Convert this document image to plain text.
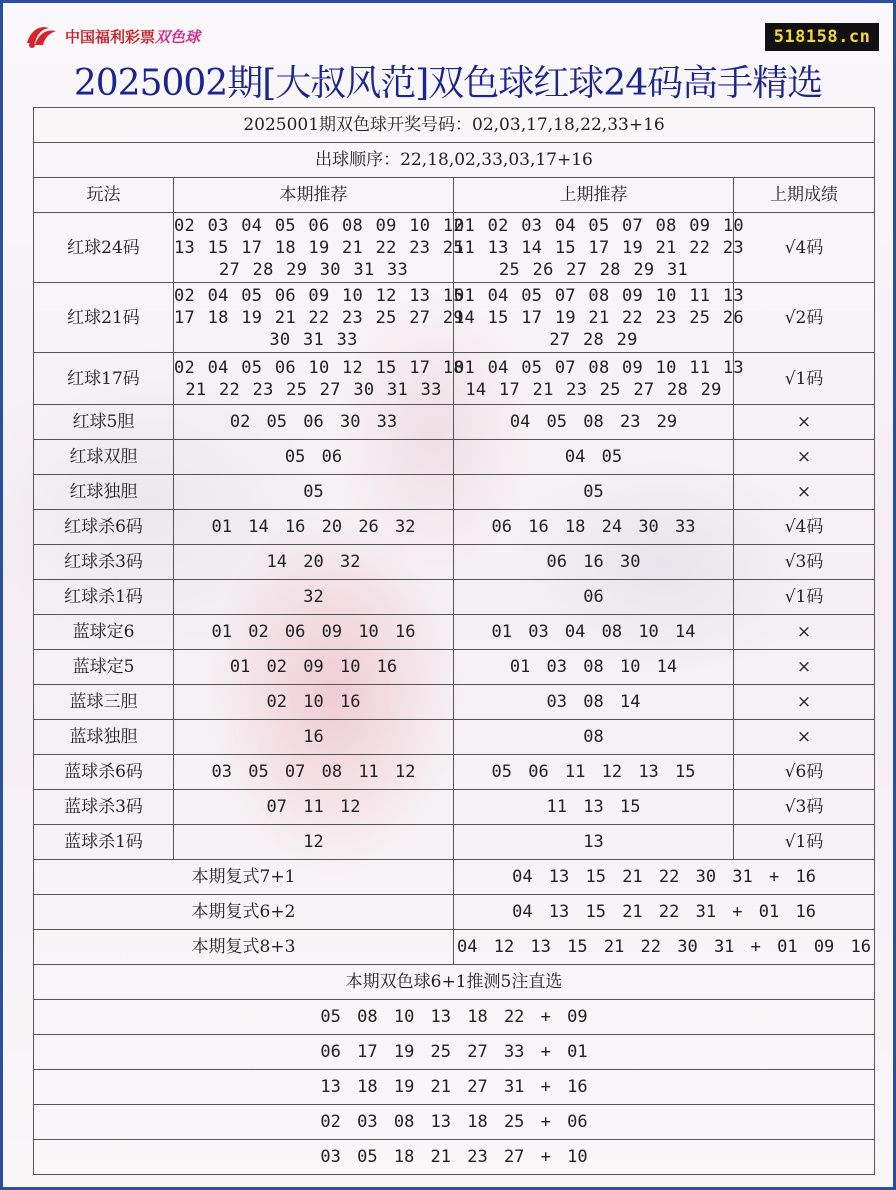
中国福利彩票双色球	518158.cn
2025002期[大叔风范]双色球红球24码高手精选
2025001期双色球开奖号码：02,03,17,18,22,33+16			
出球顺序：22,18,02,33,03,17+16			
玩法	本期推荐	上期推荐	上期成绩
红球24码	02 03 04 05 06 08 09 10 12
13 15 17 18 19 21 22 23 25
27 28 29 30 31 33	01 02 03 04 05 07 08 09 10
11 13 14 15 17 19 21 22 23
25 26 27 28 29 31	√4码
红球21码	02 04 05 06 09 10 12 13 15
17 18 19 21 22 23 25 27 29
30 31 33	01 04 05 07 08 09 10 11 13
14 15 17 19 21 22 23 25 26
27 28 29	√2码
红球17码	02 04 05 06 10 12 15 17 18
21 22 23 25 27 30 31 33	01 04 05 07 08 09 10 11 13
14 17 21 23 25 27 28 29	√1码
红球5胆	02 05 06 30 33	04 05 08 23 29	×
红球双胆	05 06	04 05	×
红球独胆	05	05	×
红球杀6码	01 14 16 20 26 32	06 16 18 24 30 33	√4码
红球杀3码	14 20 32	06 16 30	√3码
红球杀1码	32	06	√1码
蓝球定6	01 02 06 09 10 16	01 03 04 08 10 14	×
蓝球定5	01 02 09 10 16	01 03 08 10 14	×
蓝球三胆	02 10 16	03 08 14	×
蓝球独胆	16	08	×
蓝球杀6码	03 05 07 08 11 12	05 06 11 12 13 15	√6码
蓝球杀3码	07 11 12	11 13 15	√3码
蓝球杀1码	12	13	√1码
本期复式7+1		04 13 15 21 22 30 31 + 16	
本期复式6+2		04 13 15 21 22 31 + 01 16	
本期复式8+3		04 12 13 15 21 22 30 31 + 01 09 16	
本期双色球6+1推测5注直选			
05 08 10 13 18 22 + 09			
06 17 19 25 27 33 + 01			
13 18 19 21 27 31 + 16			
02 03 08 13 18 25 + 06			
03 05 18 21 23 27 + 10			
